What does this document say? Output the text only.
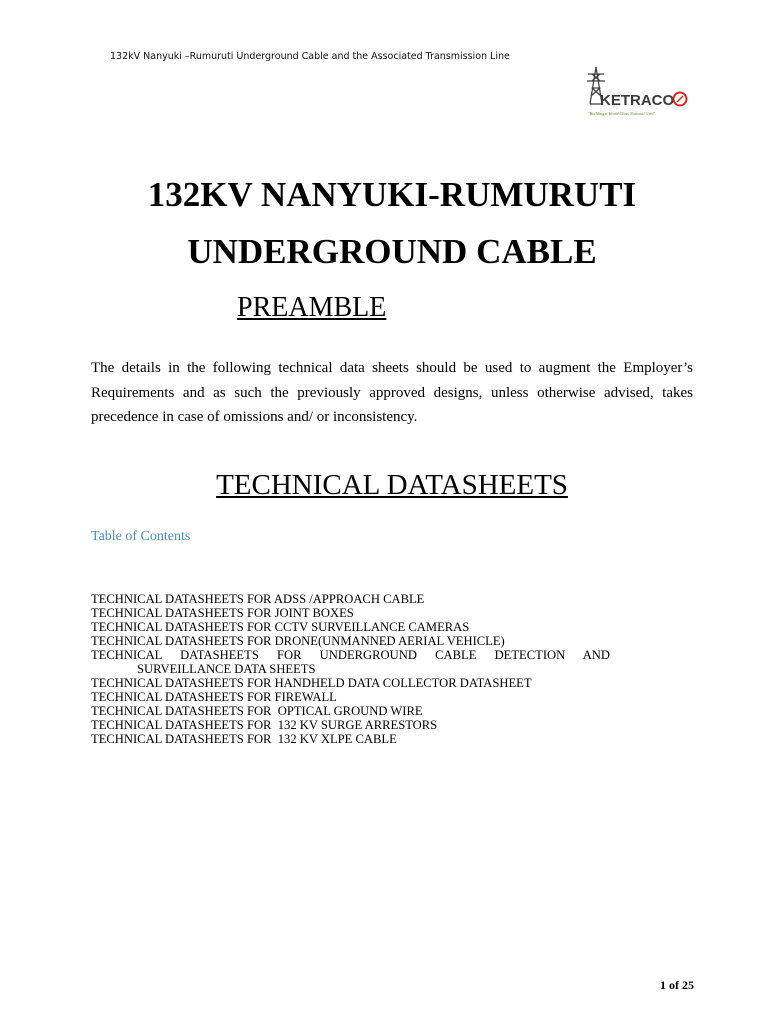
132kV Nanyuki –Rumuruti Underground Cable and the Associated Transmission Line
KETRACO
"Building a World Class National Grid"
132KV NANYUKI-RUMURUTI
UNDERGROUND CABLE
PREAMBLE

The details in the following technical data sheets should be used to augment the Employer’s Requirements and as such the previously approved designs, unless otherwise advised, takes precedence in case of omissions and/ or inconsistency.

TECHNICAL DATASHEETS
Table of Contents
TECHNICAL DATASHEETS FOR ADSS /APPROACH CABLE
TECHNICAL DATASHEETS FOR JOINT BOXES
TECHNICAL DATASHEETS FOR CCTV SURVEILLANCE CAMERAS
TECHNICAL DATASHEETS FOR DRONE(UNMANNED AERIAL VEHICLE)
TECHNICAL DATASHEETS FOR UNDERGROUND CABLE DETECTION AND
SURVEILLANCE DATA SHEETS
TECHNICAL DATASHEETS FOR HANDHELD DATA COLLECTOR DATASHEET
TECHNICAL DATASHEETS FOR FIREWALL
TECHNICAL DATASHEETS FOR  OPTICAL GROUND WIRE
TECHNICAL DATASHEETS FOR  132 KV SURGE ARRESTORS
TECHNICAL DATASHEETS FOR  132 KV XLPE CABLE
1 of 25
